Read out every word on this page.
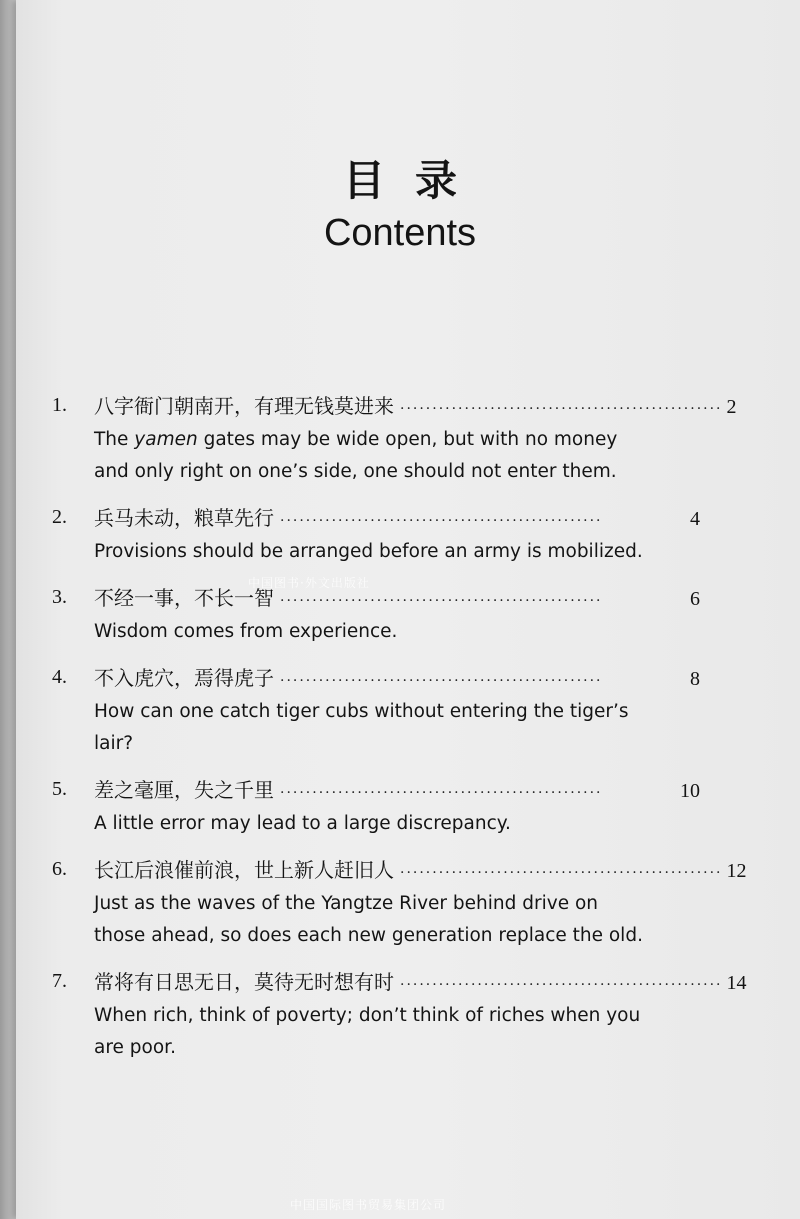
目录
Contents
1. 八字衙门朝南开，有理无钱莫进来 ·················································· 2
The yamen gates may be wide open, but with no money and only right on one’s side, one should not enter them.
2. 兵马未动，粮草先行 ··················································	4
Provisions should be arranged before an army is mobilized.
3. 不经一事，不长一智 ··················································	6
Wisdom comes from experience.
4. 不入虎穴，焉得虎子 ··················································	8
How can one catch tiger cubs without entering the tiger’s lair?
5. 差之毫厘，失之千里 ··················································	10
A little error may lead to a large discrepancy.
6. 长江后浪催前浪，世上新人赶旧人 ·················································· 12
Just as the waves of the Yangtze River behind drive on those ahead, so does each new generation replace the old.
7. 常将有日思无日，莫待无时想有时 ·················································· 14
When rich, think of poverty; don’t think of riches when you are poor.
中国图书·外文出版社
中国国际图书贸易集团公司
